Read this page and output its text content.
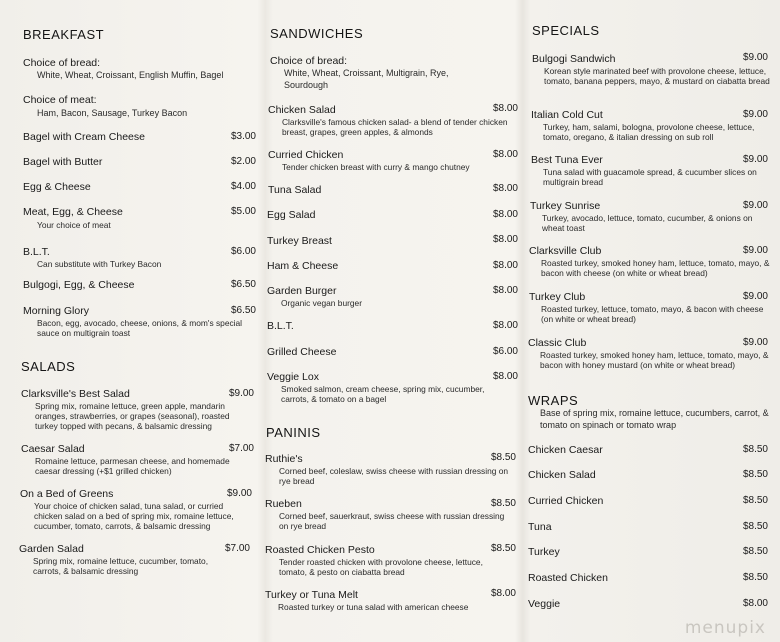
BREAKFAST
Choice of bread:
White, Wheat, Croissant, English Muffin, Bagel
Choice of meat:
Ham, Bacon, Sausage, Turkey Bacon
Bagel with Cream Cheese	$3.00
Bagel with Butter	$2.00
Egg & Cheese	$4.00
Meat, Egg, & Cheese	$5.00
Your choice of meat
B.L.T.	$6.00
Can substitute with Turkey Bacon
Bulgogi, Egg, & Cheese	$6.50
Morning Glory	$6.50
Bacon, egg, avocado, cheese, onions, & mom's special sauce on multigrain toast
SALADS
Clarksville's Best Salad	$9.00
Spring mix, romaine lettuce, green apple, mandarin oranges, strawberries, or grapes (seasonal), roasted turkey topped with pecans, & balsamic dressing
Caesar Salad	$7.00
Romaine lettuce, parmesan cheese, and homemade caesar dressing (+$1 grilled chicken)
On a Bed of Greens	$9.00
Your choice of chicken salad, tuna salad, or curried chicken salad on a bed of spring mix, romaine lettuce, cucumber, tomato, carrots, & balsamic dressing
Garden Salad	$7.00
Spring mix, romaine lettuce, cucumber, tomato, carrots, & balsamic dressing
SANDWICHES
Choice of bread:
White, Wheat, Croissant, Multigrain, Rye, Sourdough
Chicken Salad	$8.00
Clarksville's famous chicken salad- a blend of tender chicken breast, grapes, green apples, & almonds
Curried Chicken	$8.00
Tender chicken breast with curry & mango chutney
Tuna Salad	$8.00
Egg Salad	$8.00
Turkey Breast	$8.00
Ham & Cheese	$8.00
Garden Burger	$8.00
Organic vegan burger
B.L.T.	$8.00
Grilled Cheese	$6.00
Veggie Lox	$8.00
Smoked salmon, cream cheese, spring mix, cucumber, carrots, & tomato on a bagel
PANINIS
Ruthie's	$8.50
Corned beef, coleslaw, swiss cheese with russian dressing on rye bread
Rueben	$8.50
Corned beef, sauerkraut, swiss cheese with russian dressing on rye bread
Roasted Chicken Pesto	$8.50
Tender roasted chicken with provolone cheese, lettuce, tomato, & pesto on ciabatta bread
Turkey or Tuna Melt	$8.00
Roasted turkey or tuna salad with american cheese
SPECIALS
Bulgogi Sandwich	$9.00
Korean style marinated beef with provolone cheese, lettuce, tomato, banana peppers, mayo, & mustard on ciabatta bread
Italian Cold Cut	$9.00
Turkey, ham, salami, bologna, provolone cheese, lettuce, tomato, oregano, & italian dressing on sub roll
Best Tuna Ever	$9.00
Tuna salad with guacamole spread, & cucumber slices on multigrain bread
Turkey Sunrise	$9.00
Turkey, avocado, lettuce, tomato, cucumber, & onions on wheat toast
Clarksville Club	$9.00
Roasted turkey, smoked honey ham, lettuce, tomato, mayo, & bacon with cheese (on white or wheat bread)
Turkey Club	$9.00
Roasted turkey, lettuce, tomato, mayo, & bacon with cheese (on white or wheat bread)
Classic Club	$9.00
Roasted turkey, smoked honey ham, lettuce, tomato, mayo, & bacon with honey mustard (on white or wheat bread)
WRAPS
Base of spring mix, romaine lettuce, cucumbers, carrot, & tomato on spinach or tomato wrap
Chicken Caesar	$8.50
Chicken Salad	$8.50
Curried Chicken	$8.50
Tuna	$8.50
Turkey	$8.50
Roasted Chicken	$8.50
Veggie	$8.00
menupix
